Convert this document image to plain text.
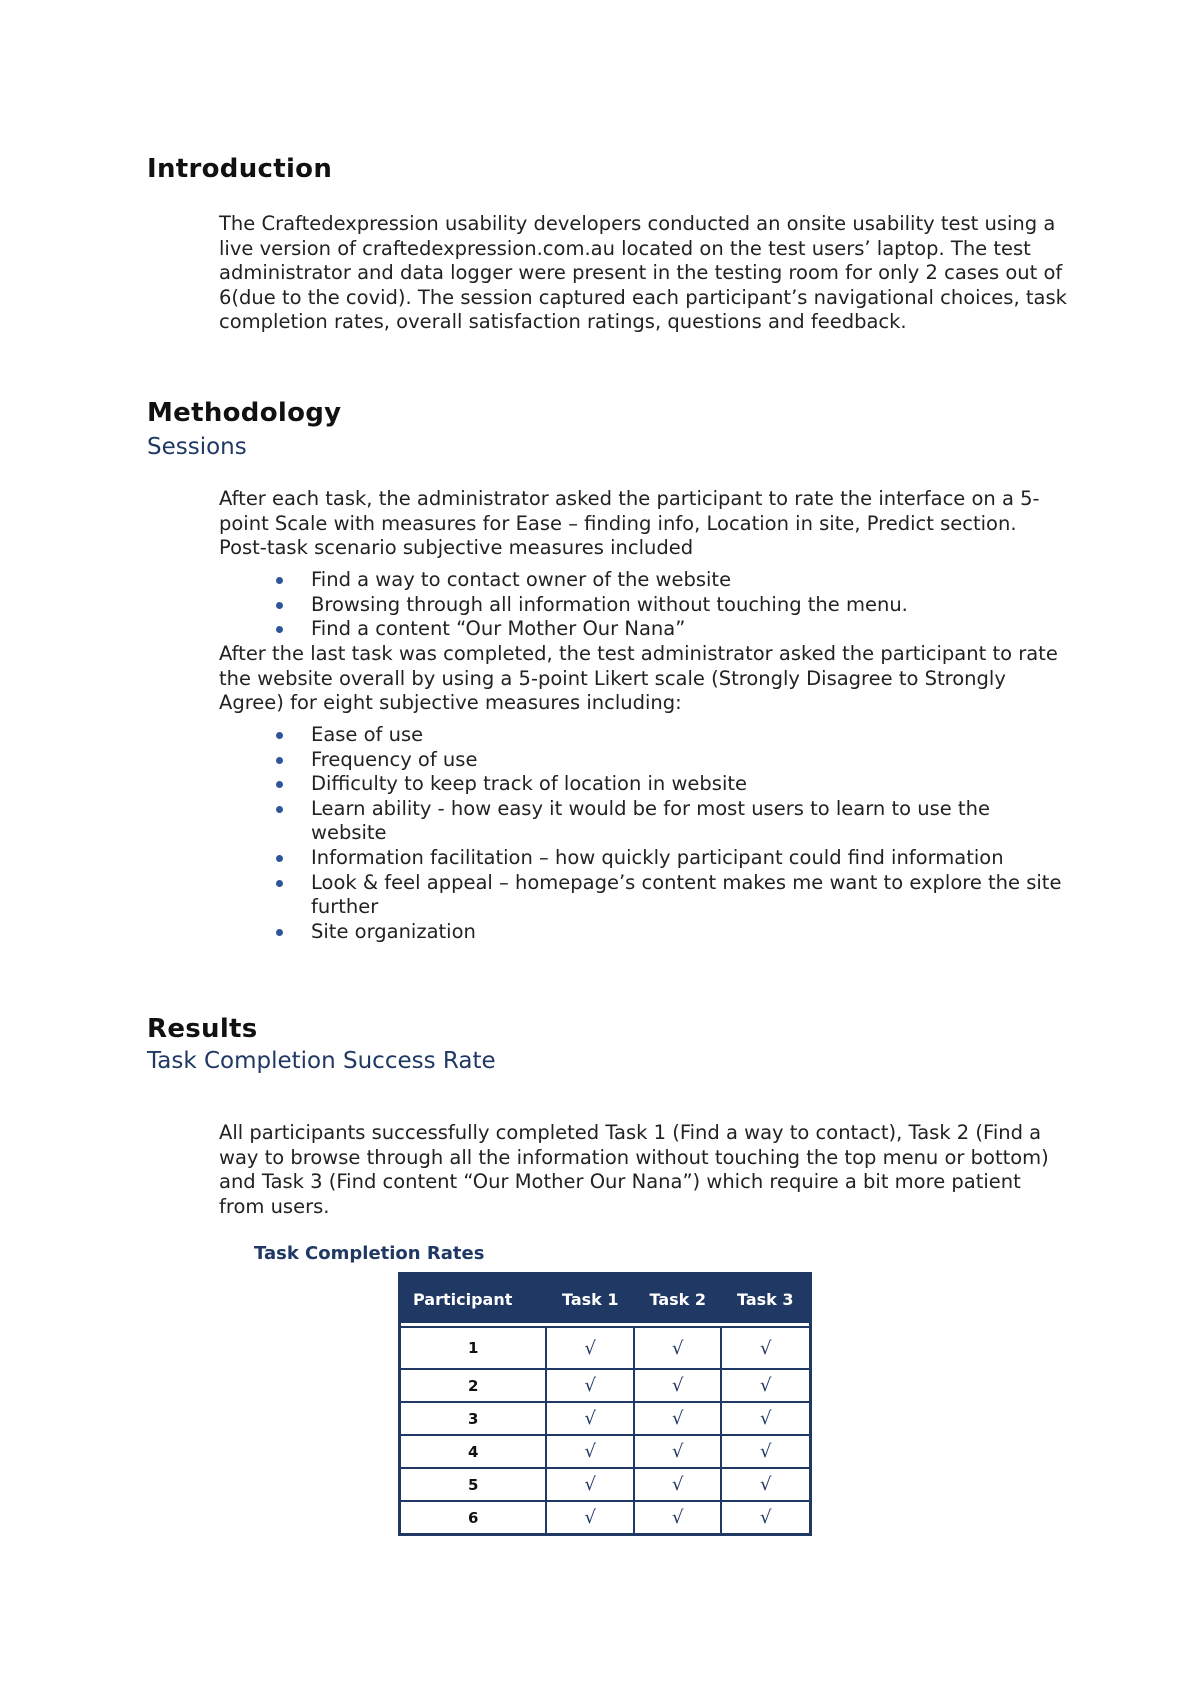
Introduction

The Craftedexpression usability developers conducted an onsite usability test using a live version of craftedexpression.com.au located on the test users’ laptop. The test administrator and data logger were present in the testing room for only 2 cases out of 6(due to the covid). The session captured each participant’s navigational choices, task completion rates, overall satisfaction ratings, questions and feedback.

Methodology
Sessions

After each task, the administrator asked the participant to rate the interface on a 5-point Scale with measures for Ease – finding info, Location in site, Predict section. Post-task scenario subjective measures included

Find a way to contact owner of the website
Browsing through all information without touching the menu.
Find a content “Our Mother Our Nana”

After the last task was completed, the test administrator asked the participant to rate the website overall by using a 5-point Likert scale (Strongly Disagree to Strongly Agree) for eight subjective measures including:

Ease of use
Frequency of use
Difficulty to keep track of location in website
Learn ability - how easy it would be for most users to learn to use the website
Information facilitation – how quickly participant could find information
Look & feel appeal – homepage’s content makes me want to explore the site further
Site organization
Results
Task Completion Success Rate

All participants successfully completed Task 1 (Find a way to contact), Task 2 (Find a way to browse through all the information without touching the top menu or bottom) and Task 3 (Find content “Our Mother Our Nana”) which require a bit more patient from users.

Task Completion Rates

Participant	Task 1	Task 2	Task 3

1	√	√	√
2	√	√	√
3	√	√	√
4	√	√	√
5	√	√	√
6	√	√	√
